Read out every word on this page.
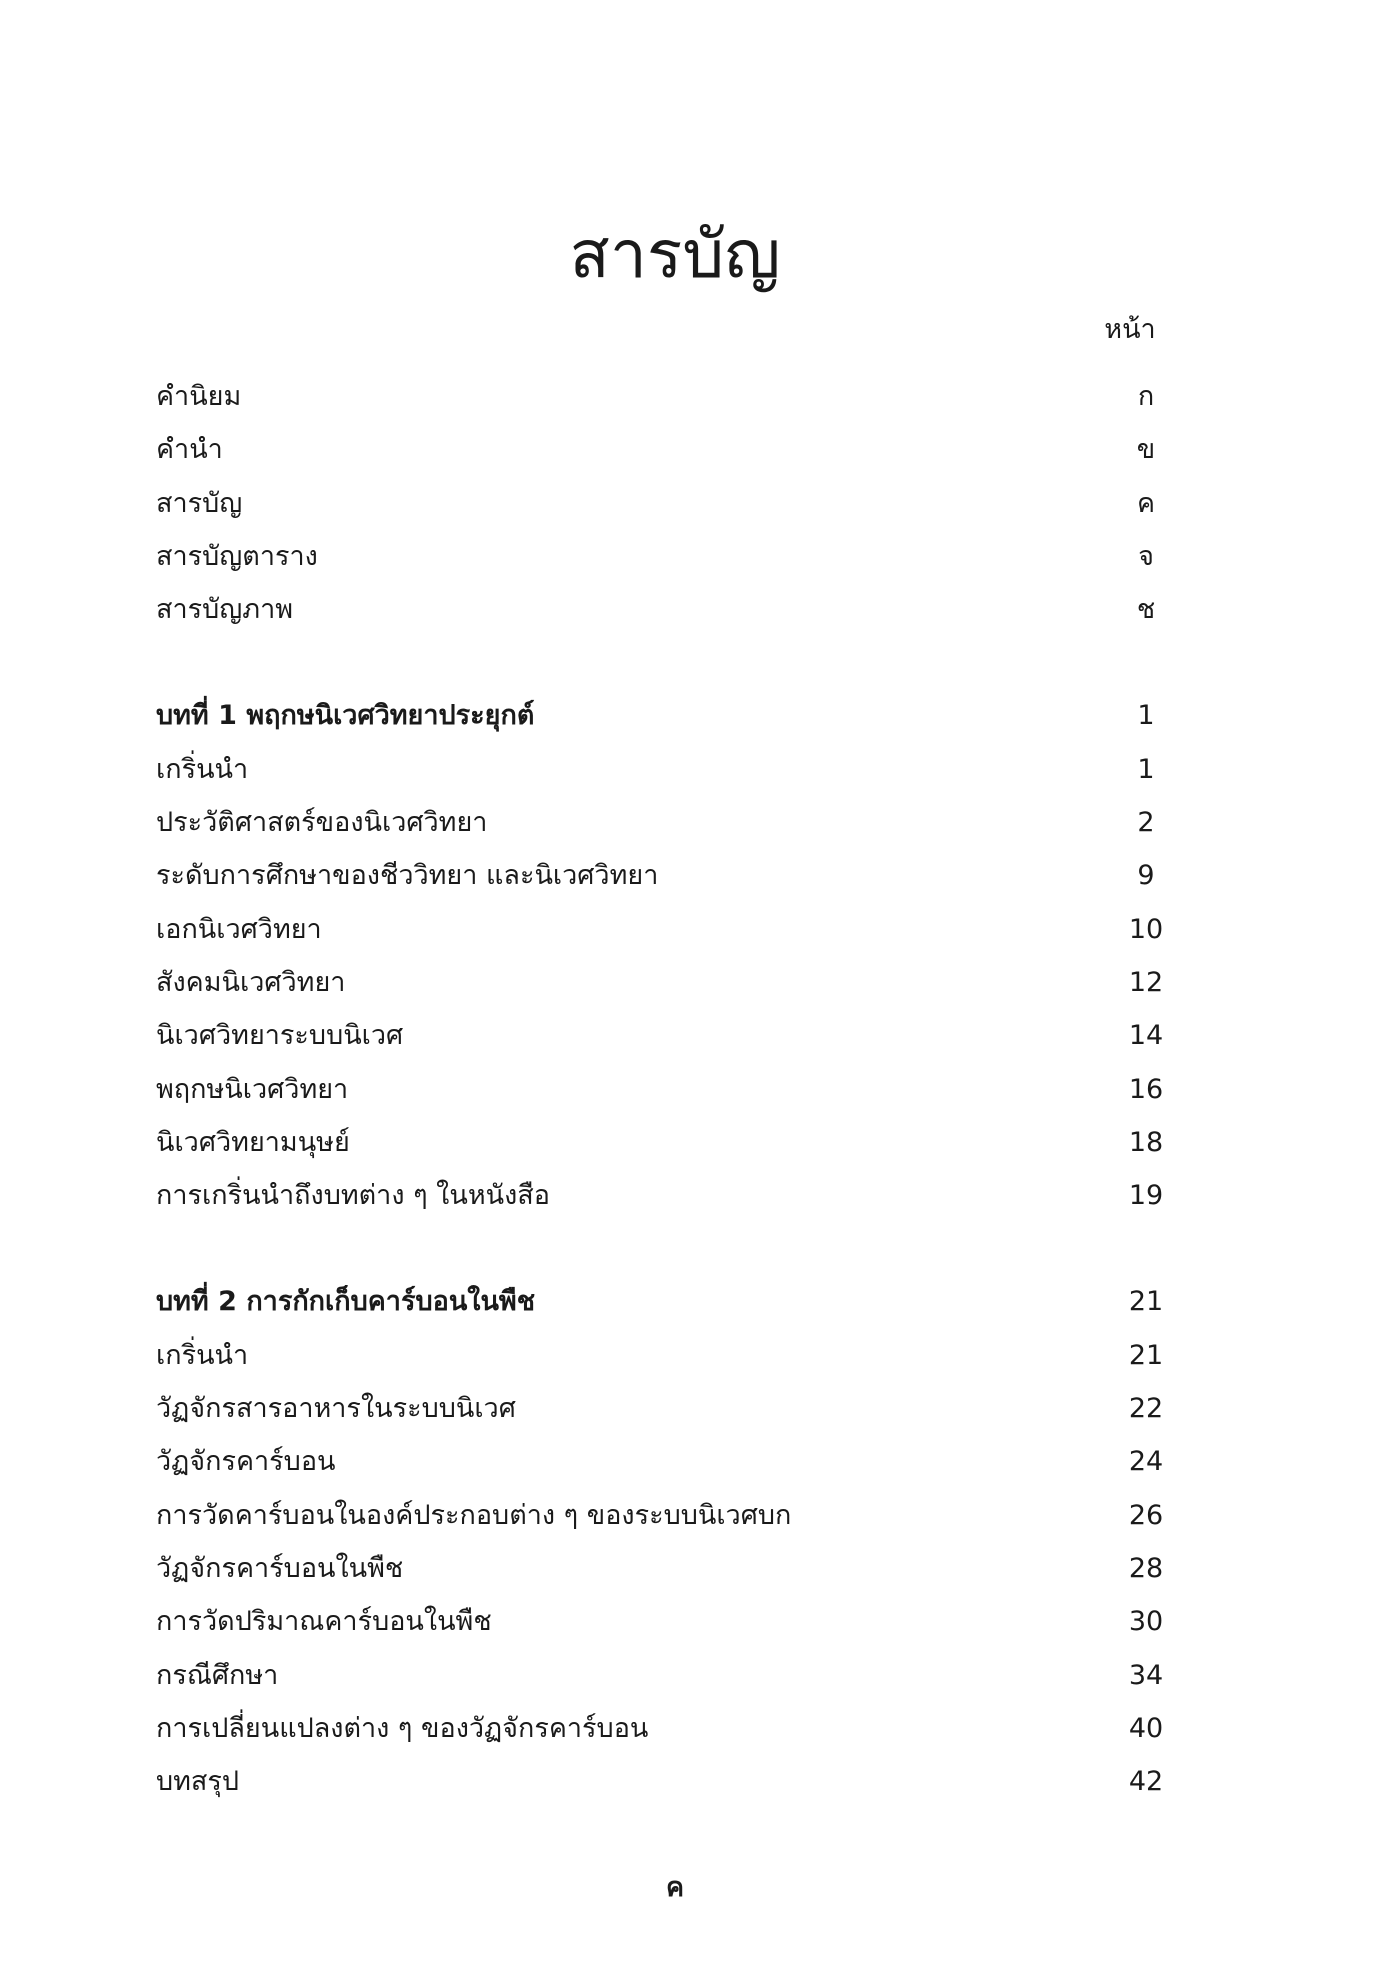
สารบัญ
หน้า
คำนิยม	ก
คำนำ	ข
สารบัญ	ค
สารบัญตาราง	จ
สารบัญภาพ	ช
บทที่ 1 พฤกษนิเวศวิทยาประยุกต์	1
เกริ่นนำ	1
ประวัติศาสตร์ของนิเวศวิทยา	2
ระดับการศึกษาของชีววิทยา และนิเวศวิทยา	9
เอกนิเวศวิทยา	10
สังคมนิเวศวิทยา	12
นิเวศวิทยาระบบนิเวศ	14
พฤกษนิเวศวิทยา	16
นิเวศวิทยามนุษย์	18
การเกริ่นนำถึงบทต่าง ๆ ในหนังสือ	19
บทที่ 2 การกักเก็บคาร์บอนในพืช	21
เกริ่นนำ	21
วัฏจักรสารอาหารในระบบนิเวศ	22
วัฏจักรคาร์บอน	24
การวัดคาร์บอนในองค์ประกอบต่าง ๆ ของระบบนิเวศบก	26
วัฏจักรคาร์บอนในพืช	28
การวัดปริมาณคาร์บอนในพืช	30
กรณีศึกษา	34
การเปลี่ยนแปลงต่าง ๆ ของวัฏจักรคาร์บอน	40
บทสรุป	42
ค
